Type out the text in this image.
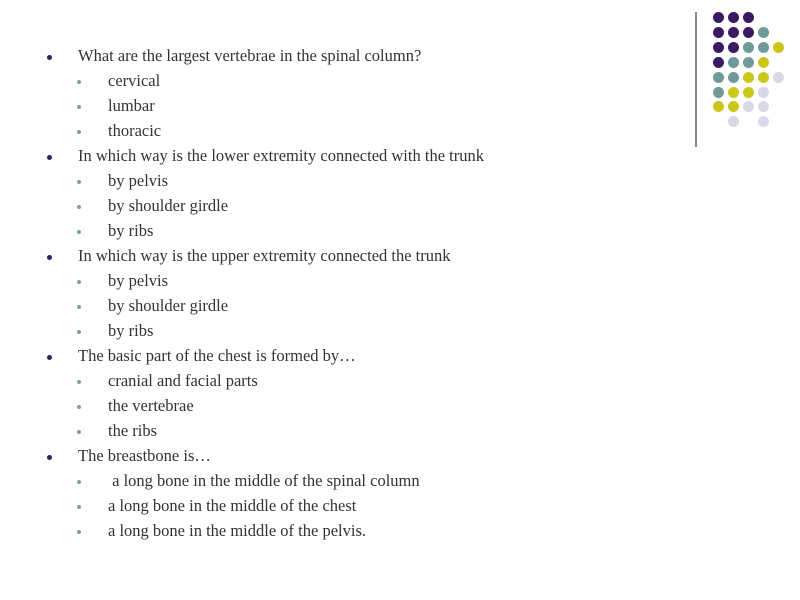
What are the largest vertebrae in the spinal column?
cervical
lumbar
thoracic
In which way is the lower extremity connected with the trunk
by pelvis
by shoulder girdle
by ribs
In which way is the upper extremity connected the trunk
by pelvis
by shoulder girdle
by ribs
The basic part of the chest is formed by…
cranial and facial parts
the vertebrae
the ribs
The breastbone is…
a long bone in the middle of the spinal column
a long bone in the middle of the chest
a long bone in the middle of the pelvis.
